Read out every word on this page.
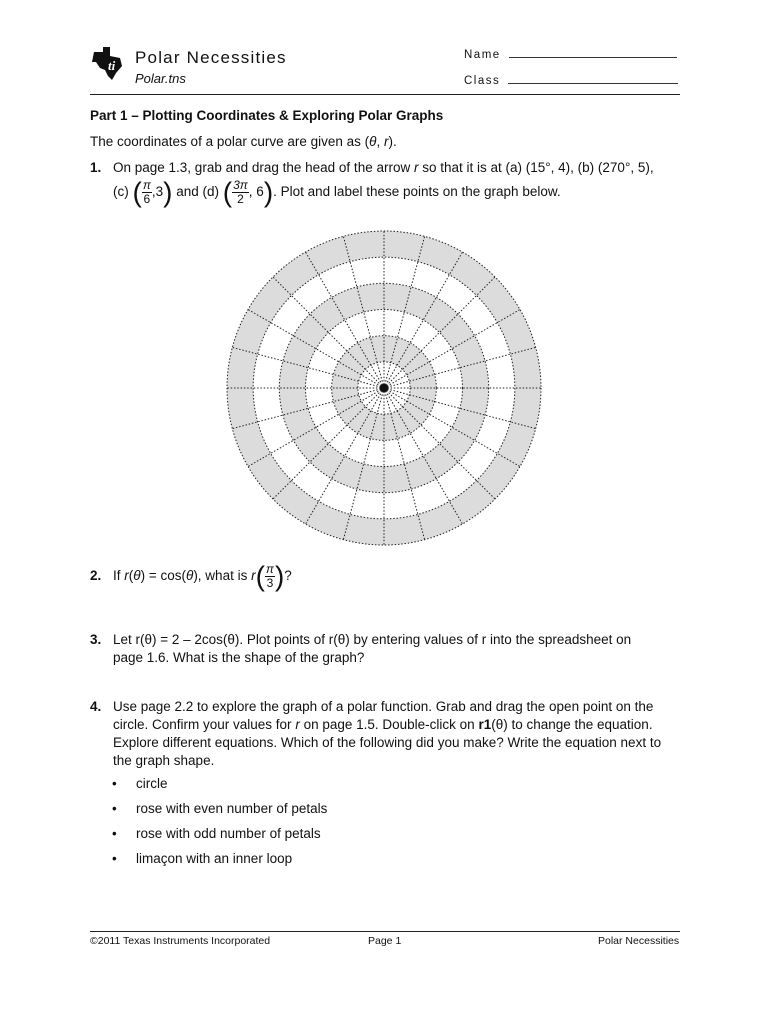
ti Polar Necessities
Polar.tns
Name
Class
Part 1 – Plotting Coordinates & Exploring Polar Graphs
The coordinates of a polar curve are given as (θ, r).
1. On page 1.3, grab and drag the head of the arrow r so that it is at (a) (15°, 4), (b) (270°, 5),
(c) ( $\frac{\pi}{6} ,3$) and (d) ( $\frac{3\pi}{2}$ , 6). Plot and label these points on the graph below.
2. If r(θ) = cos(θ), what is $r( \frac{\pi}{3}$ )?
3. Let r(θ) = 2 – 2cos(θ). Plot points of r(θ) by entering values of r into the spreadsheet on
page 1.6. What is the shape of the graph?
4. Use page 2.2 to explore the graph of a polar function. Grab and drag the open point on the
circle. Confirm your values for r on page 1.5. Double-click on r1(θ) to change the equation.
Explore different equations. Which of the following did you make? Write the equation next to
the graph shape.
• circle
• rose with even number of petals
• rose with odd number of petals
• limaçon with an inner loop
©2011 Texas Instruments Incorporated	Page 1	Polar Necessities
